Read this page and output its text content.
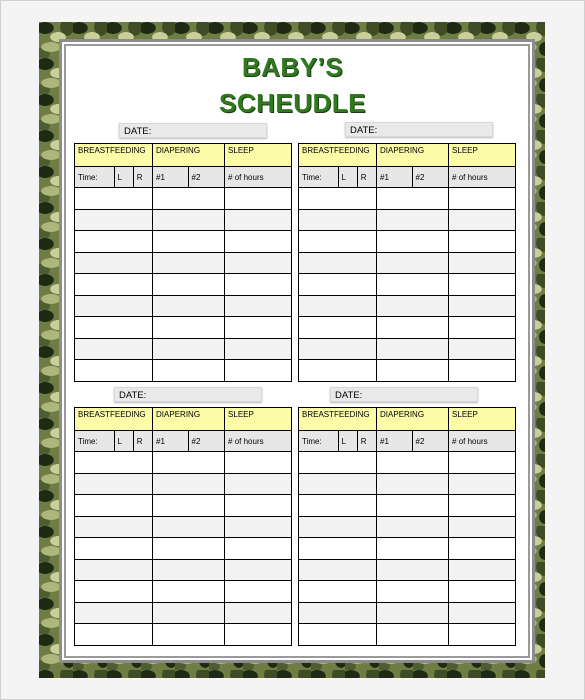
BABY’S
SCHEUDLE
DATE:	DATE:
DATE:	DATE:
BREASTFEEDING			DIAPERING		SLEEP
Time:	L	R	#1	#2	# of hours

BREASTFEEDING			DIAPERING		SLEEP
Time:	L	R	#1	#2	# of hours

BREASTFEEDING			DIAPERING		SLEEP
Time:	L	R	#1	#2	# of hours

BREASTFEEDING			DIAPERING		SLEEP
Time:	L	R	#1	#2	# of hours
